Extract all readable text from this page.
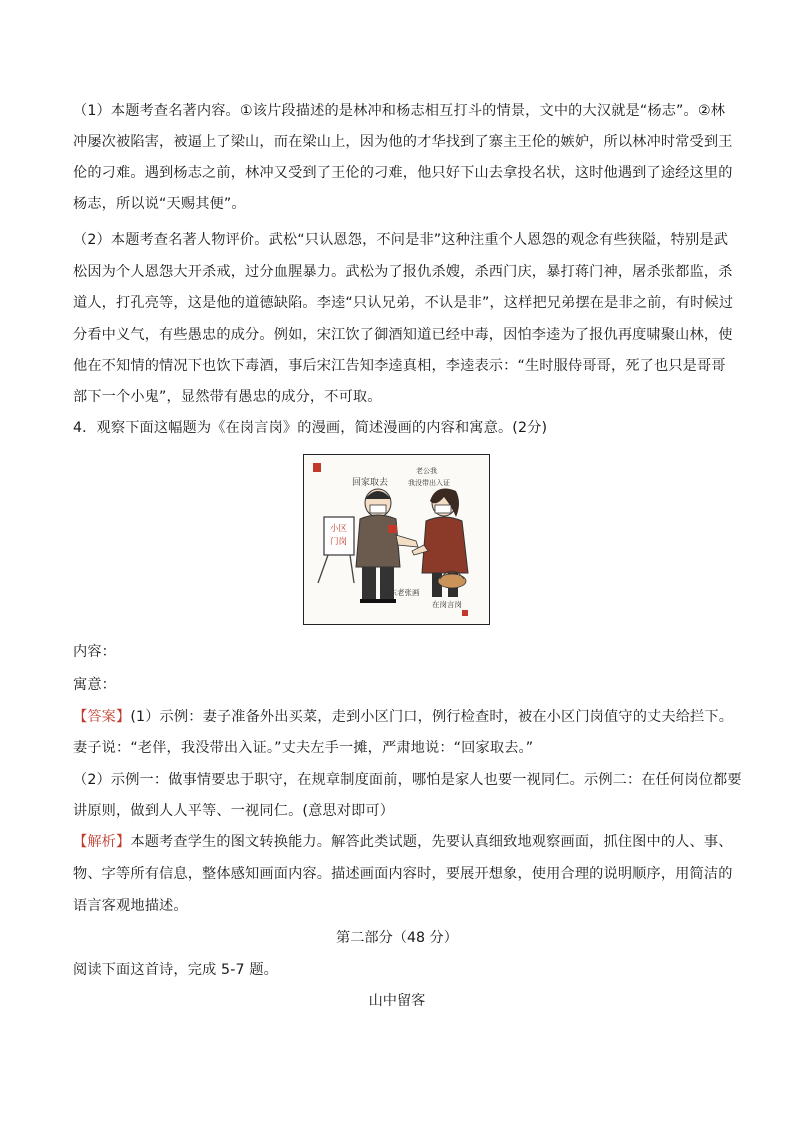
（1）本题考查名著内容。①该片段描述的是林冲和杨志相互打斗的情景，文中的大汉就是“杨志”。②林
冲屡次被陷害，被逼上了梁山，而在梁山上，因为他的才华找到了寨主王伦的嫉妒，所以林冲时常受到王
伦的刁难。遇到杨志之前，林冲又受到了王伦的刁难，他只好下山去拿投名状，这时他遇到了途经这里的
杨志，所以说“天赐其便”。
（2）本题考查名著人物评价。武松“只认恩怨，不问是非”这种注重个人恩怨的观念有些狭隘，特别是武
松因为个人恩怨大开杀戒，过分血腥暴力。武松为了报仇杀嫂，杀西门庆，暴打蒋门神，屠杀张都监，杀
道人，打孔亮等，这是他的道德缺陷。李逵“只认兄弟，不认是非”，这样把兄弟摆在是非之前，有时候过
分看中义气，有些愚忠的成分。例如，宋江饮了御酒知道已经中毒，因怕李逵为了报仇再度啸聚山林，使
他在不知情的情况下也饮下毒酒，事后宋江告知李逵真相，李逵表示：“生时服侍哥哥，死了也只是哥哥
部下一个小鬼”，显然带有愚忠的成分，不可取。
4．观察下面这幅题为《在岗言岗》的漫画，简述漫画的内容和寓意。(2分)
回家取去
老公我
我没带出入证
小区
门岗
河东老张画
在岗言岗
内容：
寓意：
【答案】(1）示例：妻子准备外出买菜，走到小区门口，例行检查时，被在小区门岗值守的丈夫给拦下。
妻子说：“老伴，我没带出入证。”丈夫左手一摊，严肃地说：“回家取去。”
（2）示例一：做事情要忠于职守，在规章制度面前，哪怕是家人也要一视同仁。示例二：在任何岗位都要
讲原则，做到人人平等、一视同仁。(意思对即可）
【解析】本题考查学生的图文转换能力。解答此类试题，先要认真细致地观察画面，抓住图中的人、事、
物、字等所有信息，整体感知画面内容。描述画面内容时，要展开想象，使用合理的说明顺序，用简洁的
语言客观地描述。
第二部分（48 分）
阅读下面这首诗，完成 5-7 题。
山中留客
